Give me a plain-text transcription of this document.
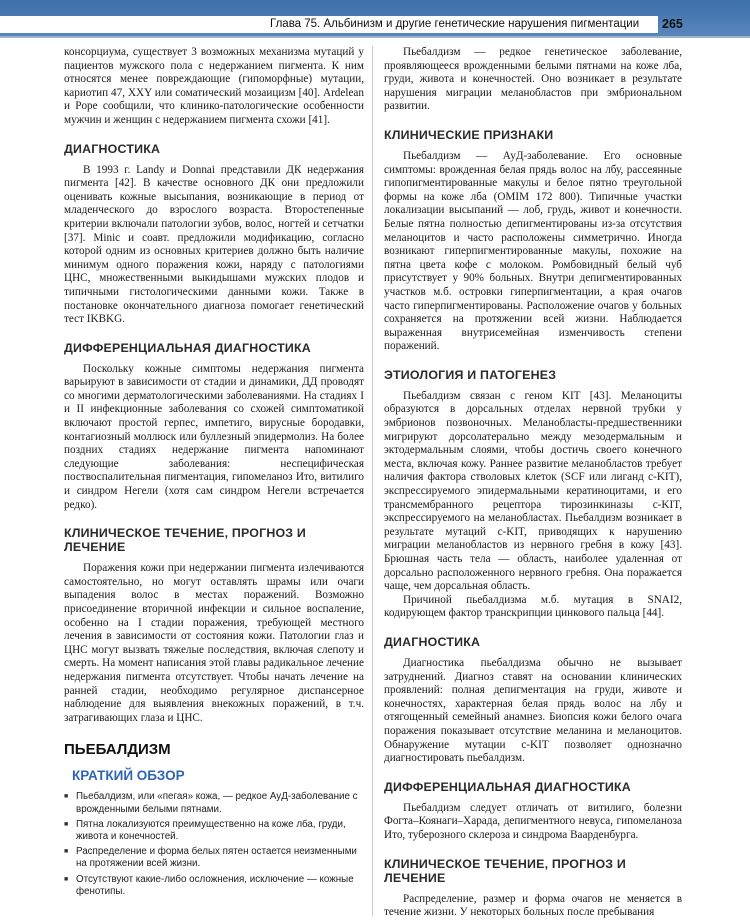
Глава 75. Альбинизм и другие генетические нарушения пигментации	265

консорциума, существует 3 возможных механизма мутаций у пациентов мужского пола с недержанием пигмента. К ним относятся менее повреждающие (гипоморфные) мутации, кариотип 47, XXY или соматический мозаицизм [40]. Ardelean и Pope сообщили, что клинико-патологические особенности мужчин и женщин с недержанием пигмента схожи [41].

ДИАГНОСТИКА

В 1993 г. Landy и Donnai представили ДК недержания пигмента [42]. В качестве основного ДК они предложили оценивать кожные высыпания, возникающие в период от младенческого до взрослого возраста. Второстепенные критерии включали патологии зубов, волос, ногтей и сетчатки [37]. Minic и соавт. предложили модификацию, согласно которой одним из основных критериев должно быть наличие минимум одного поражения кожи, наряду с патологиями ЦНС, множественными выкидышами мужских плодов и типичными гистологическими данными кожи. Также в постановке окончательного диагноза помогает генетический тест IKBKG.

ДИФФЕРЕНЦИАЛЬНАЯ ДИАГНОСТИКА

Поскольку кожные симптомы недержания пигмента варьируют в зависимости от стадии и динамики, ДД проводят со многими дерматологическими заболеваниями. На стадиях I и II инфекционные заболевания со схожей симптоматикой включают простой герпес, импетиго, вирусные бородавки, контагиозный моллюск или буллезный эпидермолиз. На более поздних стадиях недержание пигмента напоминают следующие заболевания: неспецифическая поствоспалительная пигментация, гипомеланоз Ито, витилиго и синдром Негели (хотя сам синдром Негели встречается редко).

КЛИНИЧЕСКОЕ ТЕЧЕНИЕ, ПРОГНОЗ И ЛЕЧЕНИЕ

Поражения кожи при недержании пигмента излечиваются самостоятельно, но могут оставлять шрамы или очаги выпадения волос в местах поражений. Возможно присоединение вторичной инфекции и сильное воспаление, особенно на I стадии поражения, требующей местного лечения в зависимости от состояния кожи. Патологии глаз и ЦНС могут вызвать тяжелые последствия, включая слепоту и смерть. На момент написания этой главы радикальное лечение недержания пигмента отсутствует. Чтобы начать лечение на ранней стадии, необходимо регулярное диспансерное наблюдение для выявления внекожных поражений, в т.ч. затрагивающих глаза и ЦНС.

ПЬЕБАЛДИЗМ
КРАТКИЙ ОБЗОР
■ Пьебалдизм, или «пегая» кожа, — редкое АуД-заболевание с врожденными белыми пятнами.
■ Пятна локализуются преимущественно на коже лба, груди, живота и конечностей.
■ Распределение и форма белых пятен остается неизменными на протяжении всей жизни.
■ Отсутствуют какие-либо осложнения, исключение — кожные фенотипы.

Пьебалдизм — редкое генетическое заболевание, проявляющееся врожденными белыми пятнами на коже лба, груди, живота и конечностей. Оно возникает в результате нарушения миграции меланобластов при эмбриональном развитии.

КЛИНИЧЕСКИЕ ПРИЗНАКИ

Пьебалдизм — АуД-заболевание. Его основные симптомы: врожденная белая прядь волос на лбу, рассеянные гипопигментированные макулы и белое пятно треугольной формы на коже лба (OMIM 172 800). Типичные участки локализации высыпаний — лоб, грудь, живот и конечности. Белые пятна полностью депигментированы из-за отсутствия меланоцитов и часто расположены симметрично. Иногда возникают гиперпигментированные макулы, похожие на пятна цвета кофе с молоком. Ромбовидный белый чуб присутствует у 90% больных. Внутри депигментированных участков м.б. островки гиперпигментации, а края очагов часто гиперпигментированы. Расположение очагов у больных сохраняется на протяжении всей жизни. Наблюдается выраженная внутрисемейная изменчивость степени поражений.

ЭТИОЛОГИЯ И ПАТОГЕНЕЗ

Пьебалдизм связан с геном KIT [43]. Меланоциты образуются в дорсальных отделах нервной трубки у эмбрионов позвоночных. Меланобласты-предшественники мигрируют дорсолатерально между мезодермальным и эктодермальным слоями, чтобы достичь своего конечного места, включая кожу. Раннее развитие меланобластов требует наличия фактора стволовых клеток (SCF или лиганд c-KIT), экспрессируемого эпидермальными кератиноцитами, и его трансмембранного рецептора тирозинкиназы c-KIT, экспрессируемого на меланобластах. Пьебалдизм возникает в результате мутаций c-KIT, приводящих к нарушению миграции меланобластов из нервного гребня в кожу [43]. Брюшная часть тела — область, наиболее удаленная от дорсально расположенного нервного гребня. Она поражается чаще, чем дорсальная область.

Причиной пьебалдизма м.б. мутация в SNAI2, кодирующем фактор транскрипции цинкового пальца [44].

ДИАГНОСТИКА

Диагностика пьебалдизма обычно не вызывает затруднений. Диагноз ставят на основании клинических проявлений: полная депигментация на груди, животе и конечностях, характерная белая прядь волос на лбу и отягощенный семейный анамнез. Биопсия кожи белого очага поражения показывает отсутствие меланина и меланоцитов. Обнаружение мутации c-KIT позволяет однозначно диагностировать пьебалдизм.

ДИФФЕРЕНЦИАЛЬНАЯ ДИАГНОСТИКА

Пьебалдизм следует отличать от витилиго, болезни Фогта–Коянаги–Харада, депигментного невуса, гипомеланоза Ито, туберозного склероза и синдрома Ваарденбурга.

КЛИНИЧЕСКОЕ ТЕЧЕНИЕ, ПРОГНОЗ И ЛЕЧЕНИЕ

Распределение, размер и форма очагов не меняется в течение жизни. У некоторых больных после пребывания
